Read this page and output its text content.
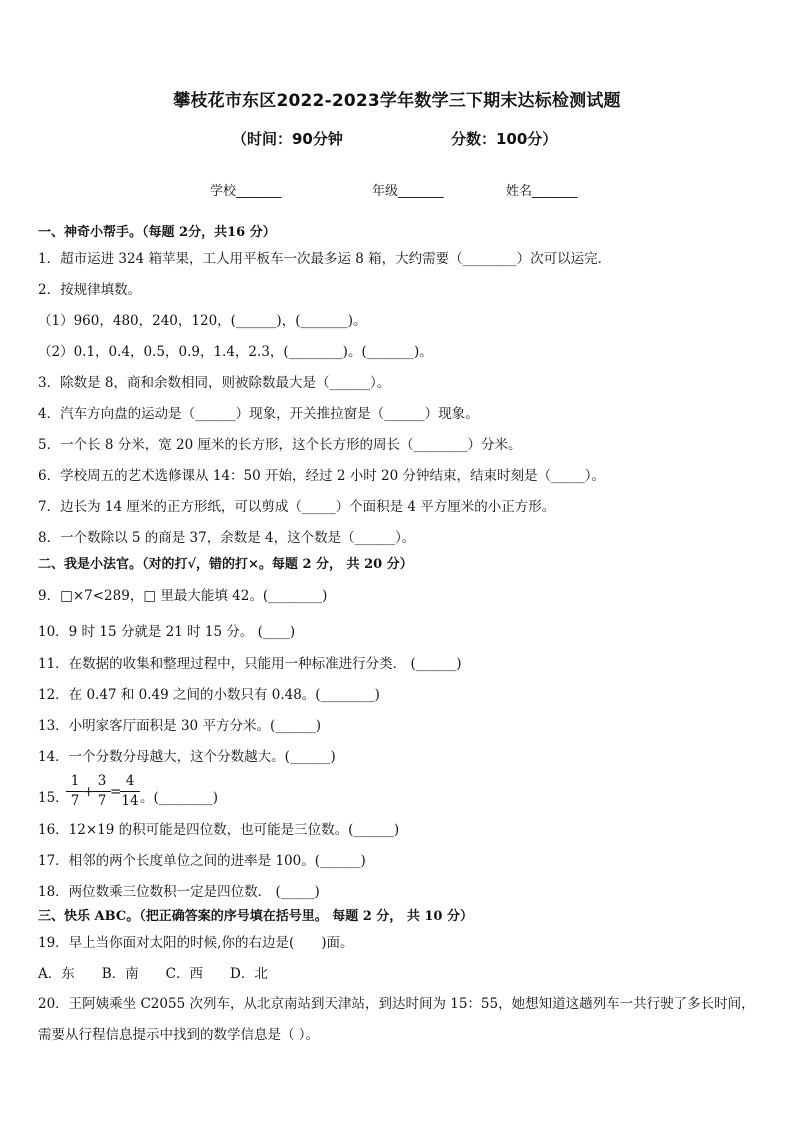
攀枝花市东区2022-2023学年数学三下期末达标检测试题
（时间：90分钟	分数：100分）
学校_______	年级_______	姓名_______
一、神奇小帮手。（每题 2分，共16 分）
1．超市运进 324 箱苹果，工人用平板车一次最多运 8 箱，大约需要（________）次可以运完．
2．按规律填数。
（1）960，480，240，120，(______)，(_______)。
（2）0.1，0.4，0.5，0.9，1.4，2.3，(________)。(_______)。
3．除数是 8，商和余数相同，则被除数最大是（______）。
4．汽车方向盘的运动是（______）现象，开关推拉窗是（______）现象。
5．一个长 8 分米，宽 20 厘米的长方形，这个长方形的周长（________）分米。
6．学校周五的艺术选修课从 14：50 开始，经过 2 小时 20 分钟结束，结束时刻是（_____）。
7．边长为 14 厘米的正方形纸，可以剪成（_____）个面积是 4 平方厘米的小正方形。
8．一个数除以 5 的商是 37，余数是 4，这个数是（______）。
二、我是小法官。（对的打√，错的打×。每题 2 分， 共 20 分）
9．□×7<289，□ 里最大能填 42。(________)
10．9 时 15 分就是 21 时 15 分。 (____)
11．在数据的收集和整理过程中，只能用一种标准进行分类． (______)
12．在 0.47 和 0.49 之间的小数只有 0.48。(________)
13．小明家客厅面积是 30 平方分米。(______)
14．一个分数分母越大，这个分数越大。(______)
15．
$\frac{1}{7}$ +
$\frac{3}{7}$ =
$\frac{4}{14}$ 。(________)
16．12×19 的积可能是四位数，也可能是三位数。(______)
17．相邻的两个长度单位之间的进率是 100。(______)
18．两位数乘三位数积一定是四位数． (_____)
三、快乐 ABC。（把正确答案的序号填在括号里。 每题 2 分， 共 10 分）
19．早上当你面对太阳的时候,你的右边是(　　)面。
A．东　　B．南　　C．西　　D．北
20．王阿姨乘坐 C2055 次列车，从北京南站到天津站，到达时间为 15：55，她想知道这趟列车一共行驶了多长时间，需要从行程信息提示中找到的数学信息是（ ）。
